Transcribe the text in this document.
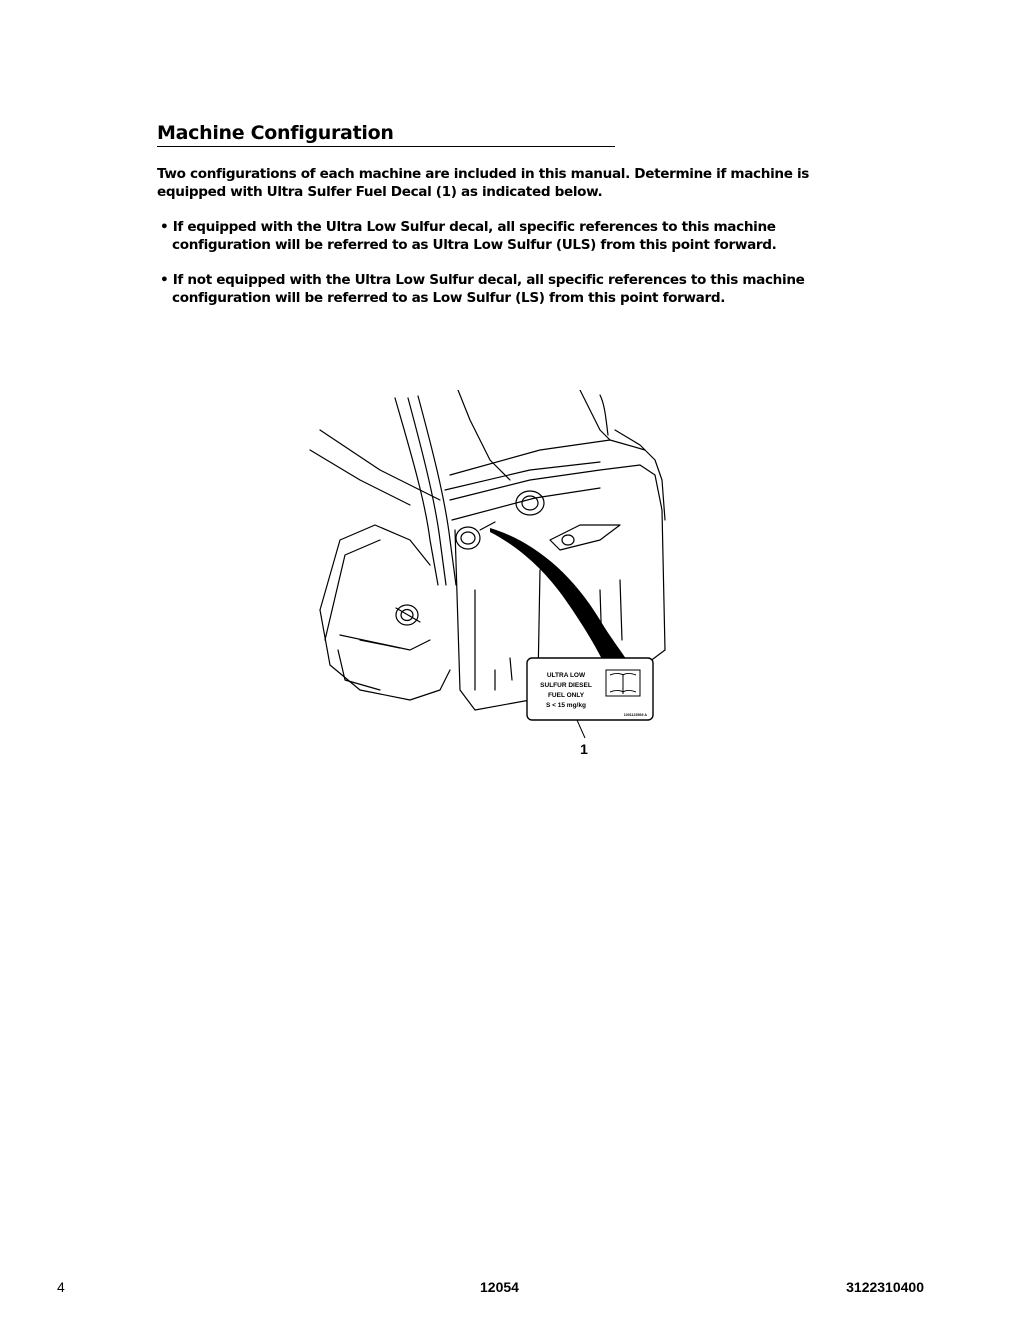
Machine Configuration
Two configurations of each machine are included in this manual. Determine if machine is
equipped with Ultra Sulfer Fuel Decal (1) as indicated below.
• If equipped with the Ultra Low Sulfur decal, all specific references to this machine
configuration will be referred to as Ultra Low Sulfur (ULS) from this point forward.
• If not equipped with the Ultra Low Sulfur decal, all specific references to this machine
configuration will be referred to as Low Sulfur (LS) from this point forward.
ULTRA LOW
SULFUR DIESEL
FUEL ONLY
S < 15 mg/kg
1001123569 A
1
4	12054	3122310400
